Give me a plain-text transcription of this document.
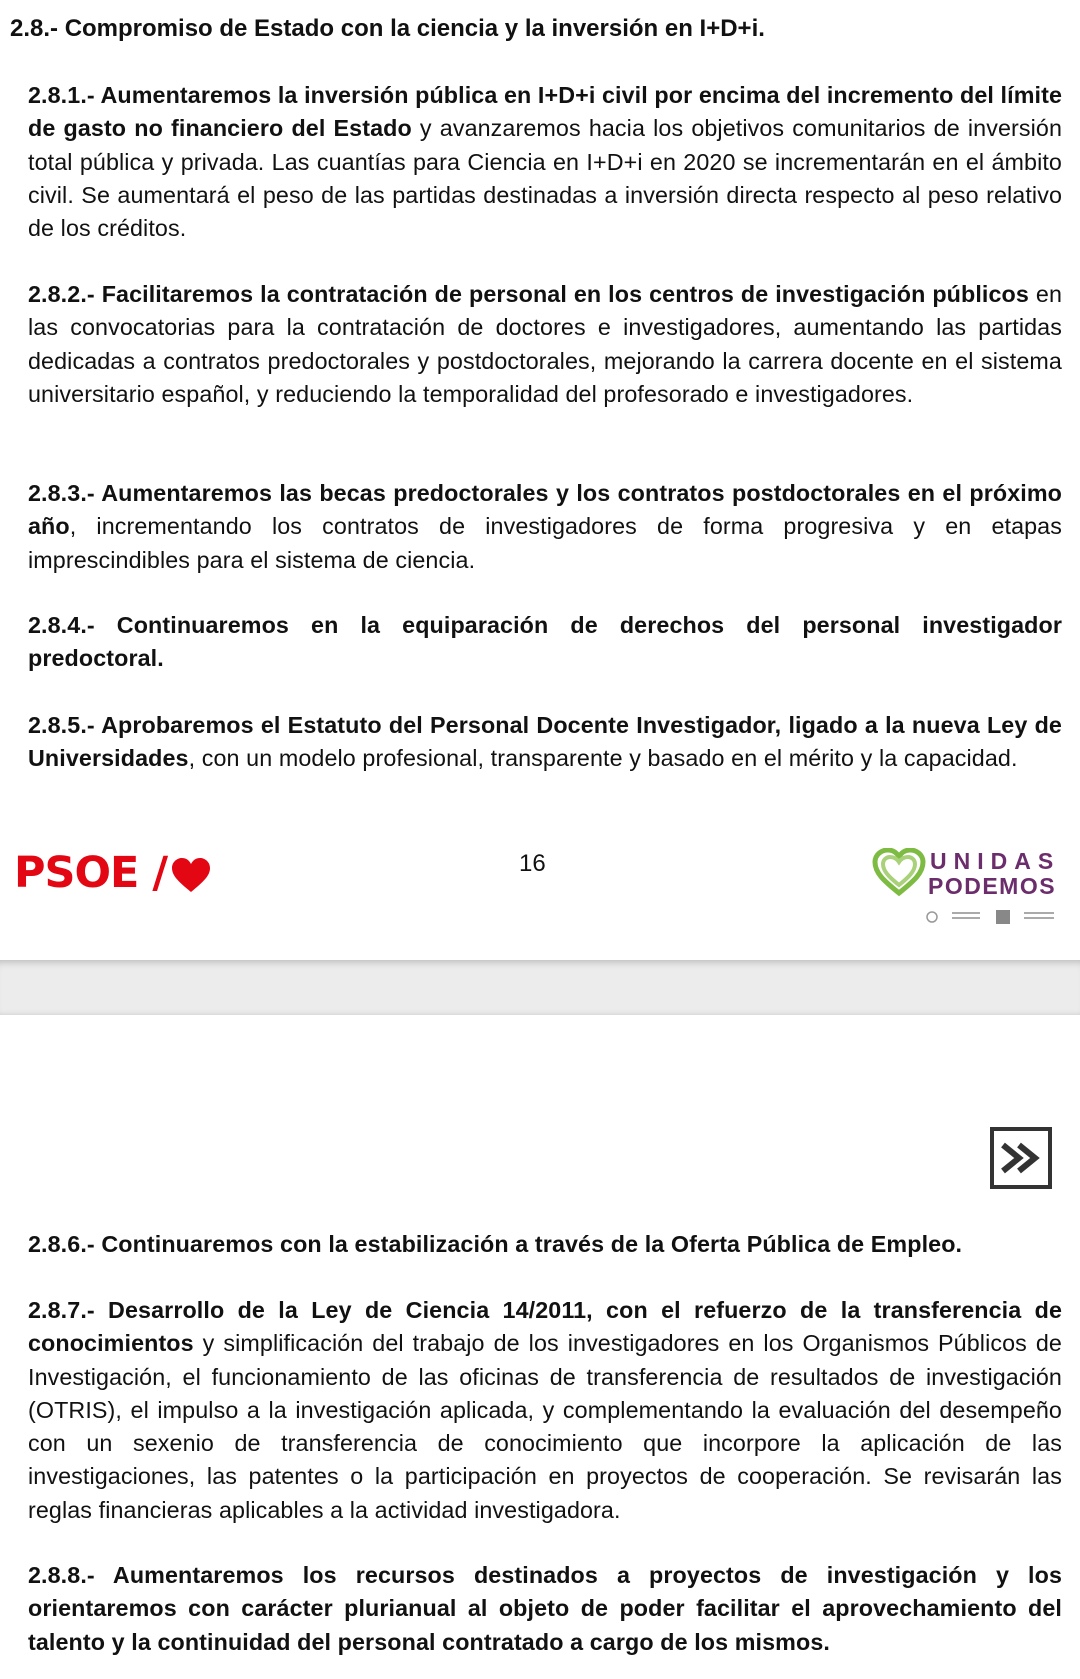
2.8.- Compromiso de Estado con la ciencia y la inversión en I+D+i.

2.8.1.- Aumentaremos la inversión pública en I+D+i civil por encima del incremento del límite de gasto no financiero del Estado y avanzaremos hacia los objetivos comunitarios de inversión total pública y privada. Las cuantías para Ciencia en I+D+i en 2020 se incrementarán en el ámbito civil. Se aumentará el peso de las partidas destinadas a inversión directa respecto al peso relativo de los créditos.

2.8.2.- Facilitaremos la contratación de personal en los centros de investigación públicos en las convocatorias para la contratación de doctores e investigadores, aumentando las partidas dedicadas a contratos predoctorales y postdoctorales, mejorando la carrera docente en el sistema universitario español, y reduciendo la temporalidad del profesorado e investigadores.

2.8.3.- Aumentaremos las becas predoctorales y los contratos postdoctorales en el próximo año, incrementando los contratos de investigadores de forma progresiva y en etapas imprescindibles para el sistema de ciencia.

2.8.4.- Continuaremos en la equiparación de derechos del personal investigador predoctoral.

2.8.5.- Aprobaremos el Estatuto del Personal Docente Investigador, ligado a la nueva Ley de Universidades, con un modelo profesional, transparente y basado en el mérito y la capacidad.

PSOE /	16	UNIDAS
PODEMOS

2.8.6.- Continuaremos con la estabilización a través de la Oferta Pública de Empleo.

2.8.7.- Desarrollo de la Ley de Ciencia 14/2011, con el refuerzo de la transferencia de conocimientos y simplificación del trabajo de los investigadores en los Organismos Públicos de Investigación, el funcionamiento de las oficinas de transferencia de resultados de investigación (OTRIS), el impulso a la investigación aplicada, y complementando la evaluación del desempeño con un sexenio de transferencia de conocimiento que incorpore la aplicación de las investigaciones, las patentes o la participación en proyectos de cooperación. Se revisarán las reglas financieras aplicables a la actividad investigadora.

2.8.8.- Aumentaremos los recursos destinados a proyectos de investigación y los orientaremos con carácter plurianual al objeto de poder facilitar el aprovechamiento del talento y la continuidad del personal contratado a cargo de los mismos.
